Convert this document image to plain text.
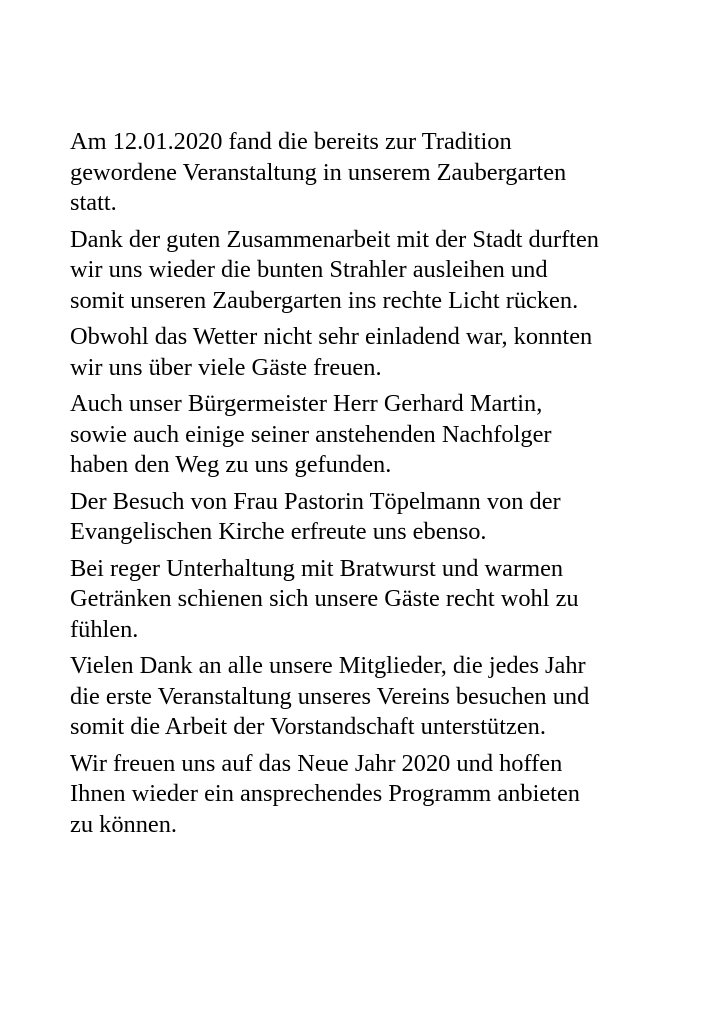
Am 12.01.2020 fand die bereits zur Tradition
gewordene Veranstaltung in unserem Zaubergarten
statt.

Dank der guten Zusammenarbeit mit der Stadt durften
wir uns wieder die bunten Strahler ausleihen und
somit unseren Zaubergarten ins rechte Licht rücken.

Obwohl das Wetter nicht sehr einladend war, konnten
wir uns über viele Gäste freuen.

Auch unser Bürgermeister Herr Gerhard Martin,
sowie auch einige seiner anstehenden Nachfolger
haben den Weg zu uns gefunden.

Der Besuch von Frau Pastorin Töpelmann von der
Evangelischen Kirche erfreute uns ebenso.

Bei reger Unterhaltung mit Bratwurst und warmen
Getränken schienen sich unsere Gäste recht wohl zu
fühlen.

Vielen Dank an alle unsere Mitglieder, die jedes Jahr
die erste Veranstaltung unseres Vereins besuchen und
somit die Arbeit der Vorstandschaft unterstützen.

Wir freuen uns auf das Neue Jahr 2020 und hoffen
Ihnen wieder ein ansprechendes Programm anbieten
zu können.
